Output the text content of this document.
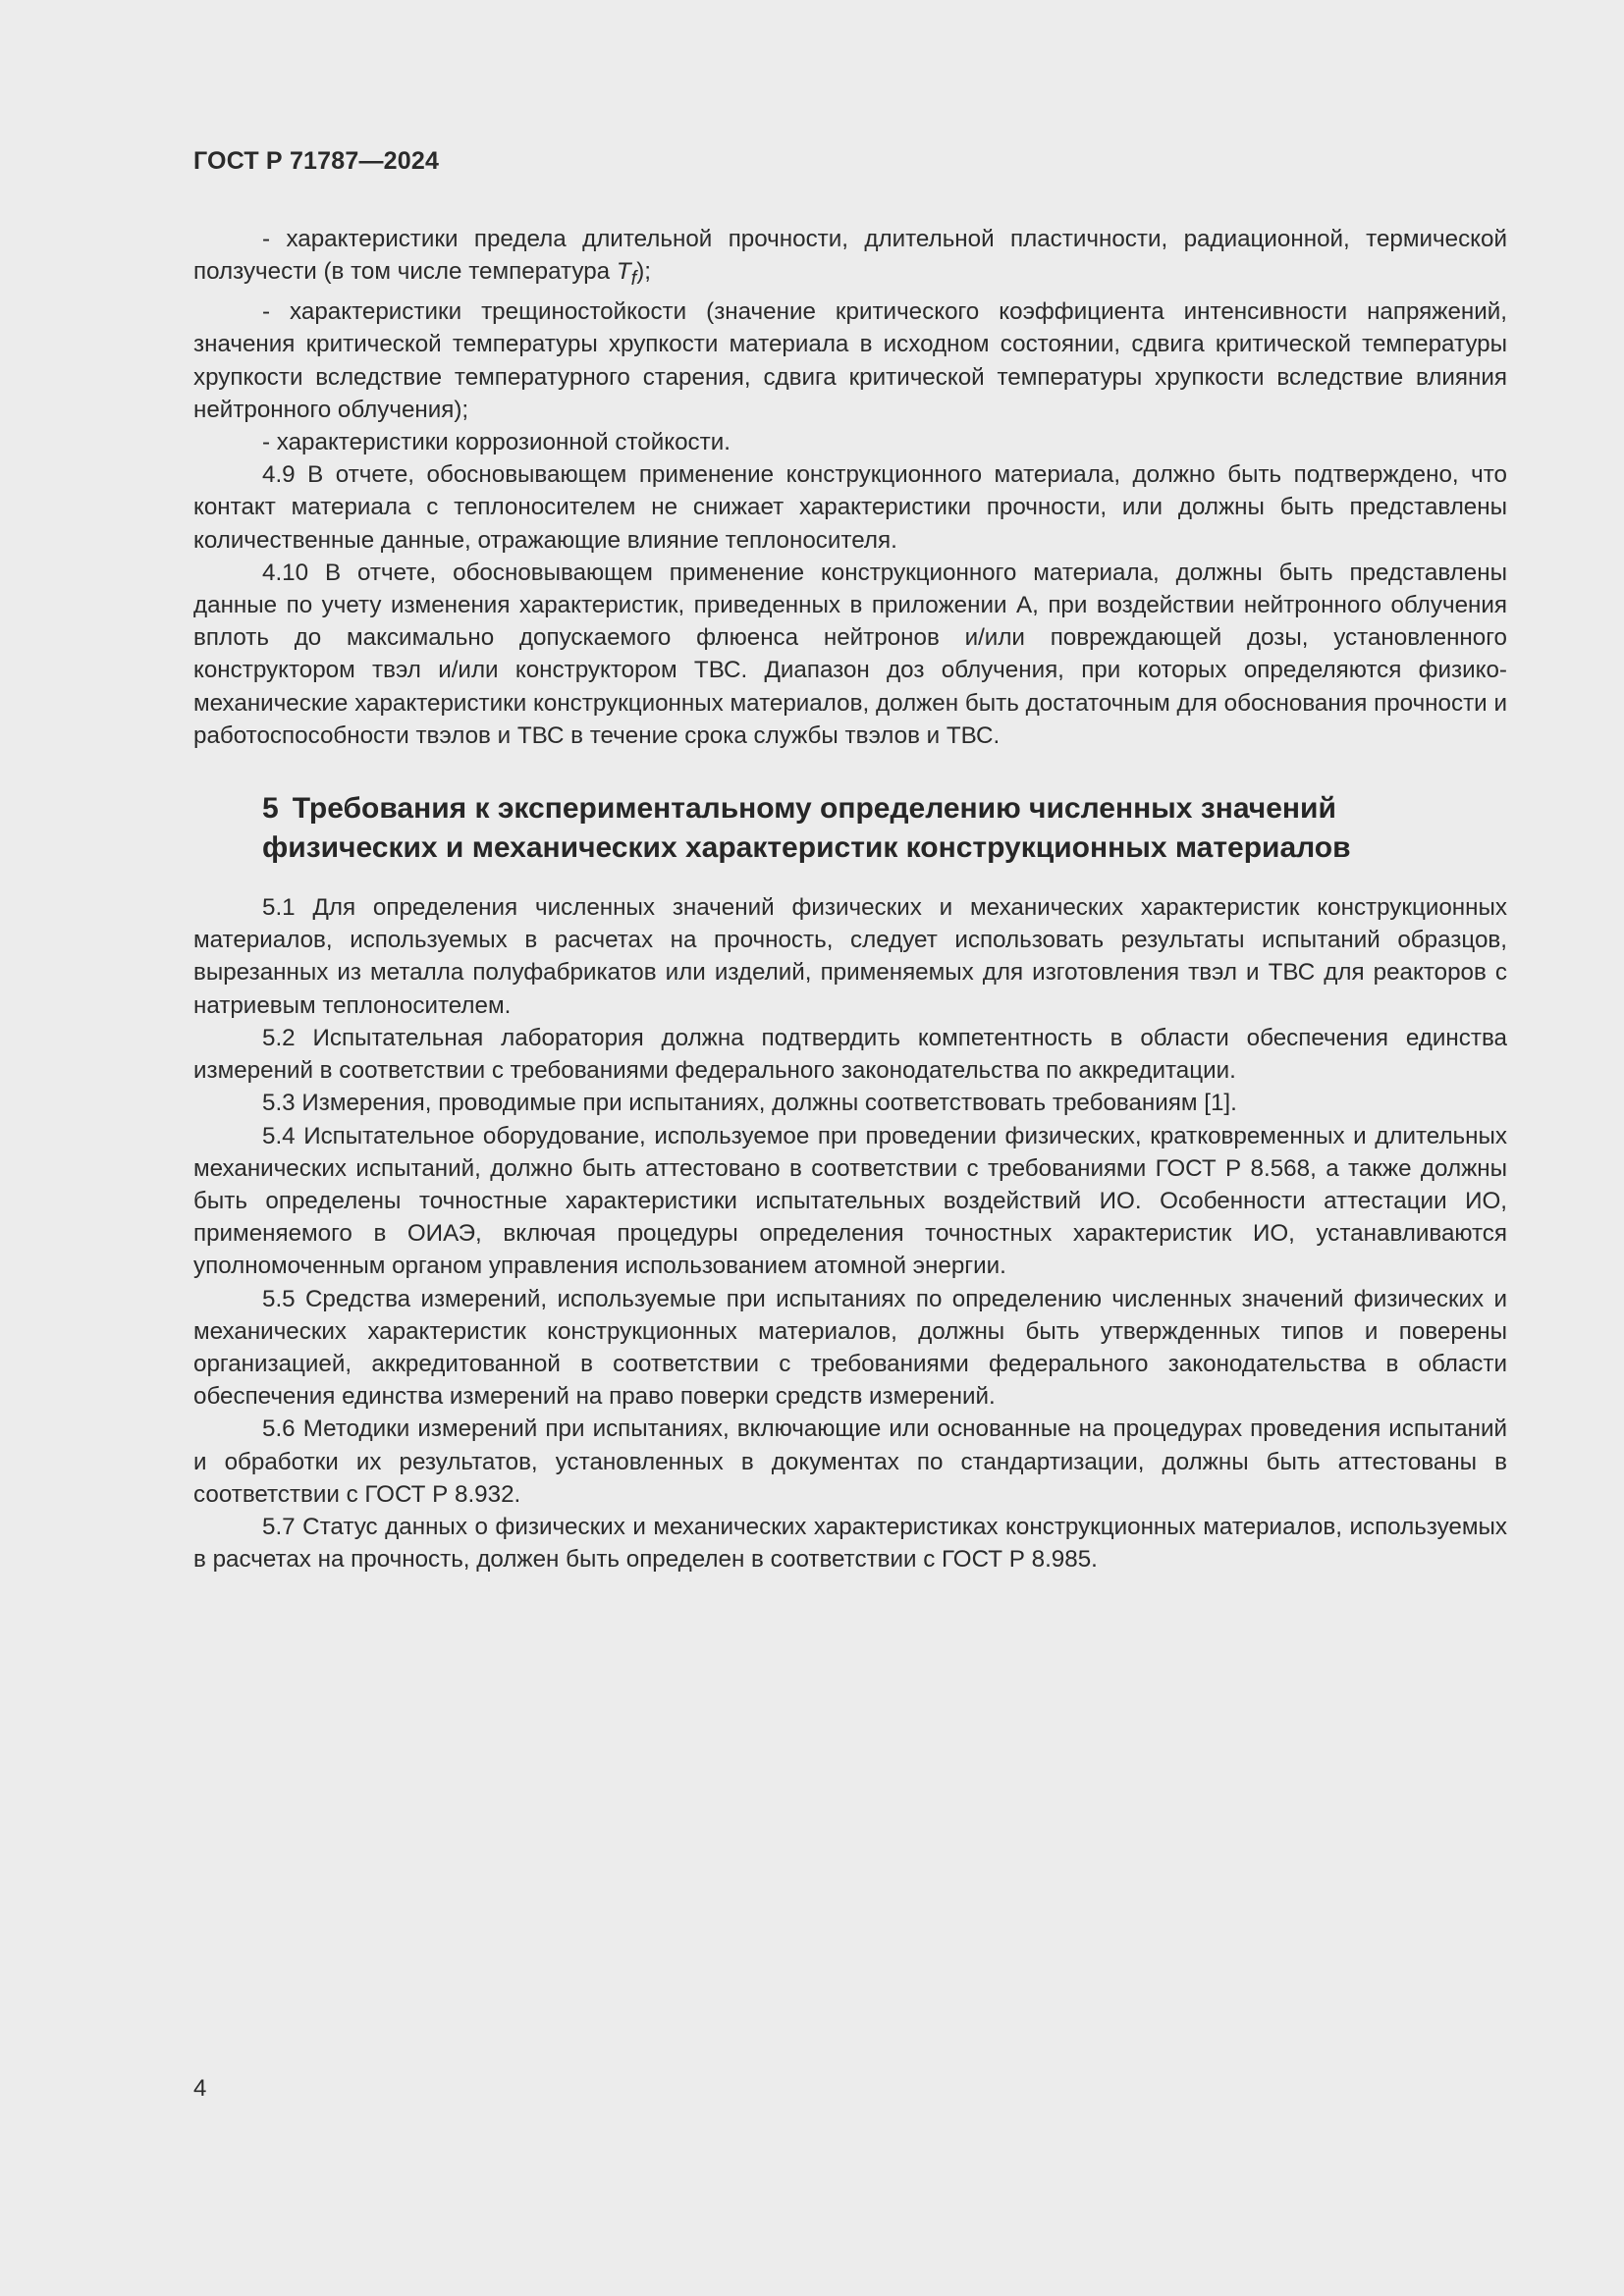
ГОСТ Р 71787—2024

- характеристики предела длительной прочности, длительной пластичности, радиационной, термической ползучести (в том числе температура $T_f$);

- характеристики трещиностойкости (значение критического коэффициента интенсивности напряжений, значения критической температуры хрупкости материала в исходном состоянии, сдвига критической температуры хрупкости вследствие температурного старения, сдвига критической температуры хрупкости вследствие влияния нейтронного облучения);

- характеристики коррозионной стойкости.

4.9 В отчете, обосновывающем применение конструкционного материала, должно быть подтверждено, что контакт материала с теплоносителем не снижает характеристики прочности, или должны быть представлены количественные данные, отражающие влияние теплоносителя.

4.10 В отчете, обосновывающем применение конструкционного материала, должны быть представлены данные по учету изменения характеристик, приведенных в приложении А, при воздействии нейтронного облучения вплоть до максимально допускаемого флюенса нейтронов и/или повреждающей дозы, установленного конструктором твэл и/или конструктором ТВС. Диапазон доз облучения, при которых определяются физико-механические характеристики конструкционных материалов, должен быть достаточным для обоснования прочности и работоспособности твэлов и ТВС в течение срока службы твэлов и ТВС.

5 Требования к экспериментальному определению численных значений физических и механических характеристик конструкционных материалов

5.1 Для определения численных значений физических и механических характеристик конструкционных материалов, используемых в расчетах на прочность, следует использовать результаты испытаний образцов, вырезанных из металла полуфабрикатов или изделий, применяемых для изготовления твэл и ТВС для реакторов с натриевым теплоносителем.

5.2 Испытательная лаборатория должна подтвердить компетентность в области обеспечения единства измерений в соответствии с требованиями федерального законодательства по аккредитации.

5.3 Измерения, проводимые при испытаниях, должны соответствовать требованиям [1].

5.4 Испытательное оборудование, используемое при проведении физических, кратковременных и длительных механических испытаний, должно быть аттестовано в соответствии с требованиями ГОСТ Р 8.568, а также должны быть определены точностные характеристики испытательных воздействий ИО. Особенности аттестации ИО, применяемого в ОИАЭ, включая процедуры определения точностных характеристик ИО, устанавливаются уполномоченным органом управления использованием атомной энергии.

5.5 Средства измерений, используемые при испытаниях по определению численных значений физических и механических характеристик конструкционных материалов, должны быть утвержденных типов и поверены организацией, аккредитованной в соответствии с требованиями федерального законодательства в области обеспечения единства измерений на право поверки средств измерений.

5.6 Методики измерений при испытаниях, включающие или основанные на процедурах проведения испытаний и обработки их результатов, установленных в документах по стандартизации, должны быть аттестованы в соответствии с ГОСТ Р 8.932.

5.7 Статус данных о физических и механических характеристиках конструкционных материалов, используемых в расчетах на прочность, должен быть определен в соответствии с ГОСТ Р 8.985.

4
